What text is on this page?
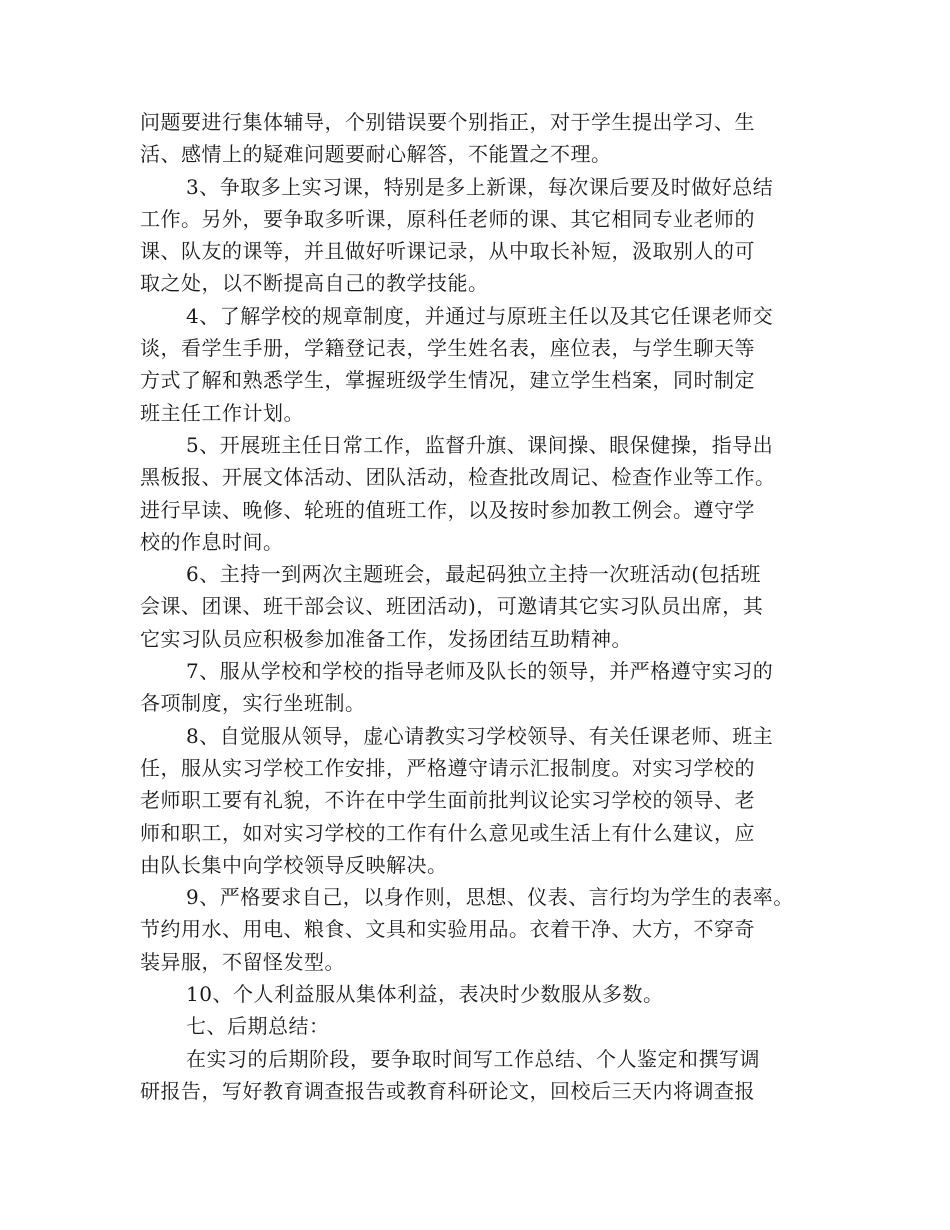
问题要进行集体辅导，个别错误要个别指正，对于学生提出学习、生
活、感情上的疑难问题要耐心解答，不能置之不理。
3、争取多上实习课，特别是多上新课，每次课后要及时做好总结
工作。另外，要争取多听课，原科任老师的课、其它相同专业老师的
课、队友的课等，并且做好听课记录，从中取长补短，汲取别人的可
取之处，以不断提高自己的教学技能。
4、了解学校的规章制度，并通过与原班主任以及其它任课老师交
谈，看学生手册，学籍登记表，学生姓名表，座位表，与学生聊天等
方式了解和熟悉学生，掌握班级学生情况，建立学生档案，同时制定
班主任工作计划。
5、开展班主任日常工作，监督升旗、课间操、眼保健操，指导出
黑板报、开展文体活动、团队活动，检查批改周记、检查作业等工作。
进行早读、晚修、轮班的值班工作，以及按时参加教工例会。遵守学
校的作息时间。
6、主持一到两次主题班会，最起码独立主持一次班活动(包括班
会课、团课、班干部会议、班团活动)，可邀请其它实习队员出席，其
它实习队员应积极参加准备工作，发扬团结互助精神。
7、服从学校和学校的指导老师及队长的领导，并严格遵守实习的
各项制度，实行坐班制。
8、自觉服从领导，虚心请教实习学校领导、有关任课老师、班主
任，服从实习学校工作安排，严格遵守请示汇报制度。对实习学校的
老师职工要有礼貌，不许在中学生面前批判议论实习学校的领导、老
师和职工，如对实习学校的工作有什么意见或生活上有什么建议，应
由队长集中向学校领导反映解决。
9、严格要求自己，以身作则，思想、仪表、言行均为学生的表率。
节约用水、用电、粮食、文具和实验用品。衣着干净、大方，不穿奇
装异服，不留怪发型。
10、个人利益服从集体利益，表决时少数服从多数。
七、后期总结：
在实习的后期阶段，要争取时间写工作总结、个人鉴定和撰写调
研报告，写好教育调查报告或教育科研论文，回校后三天内将调查报
